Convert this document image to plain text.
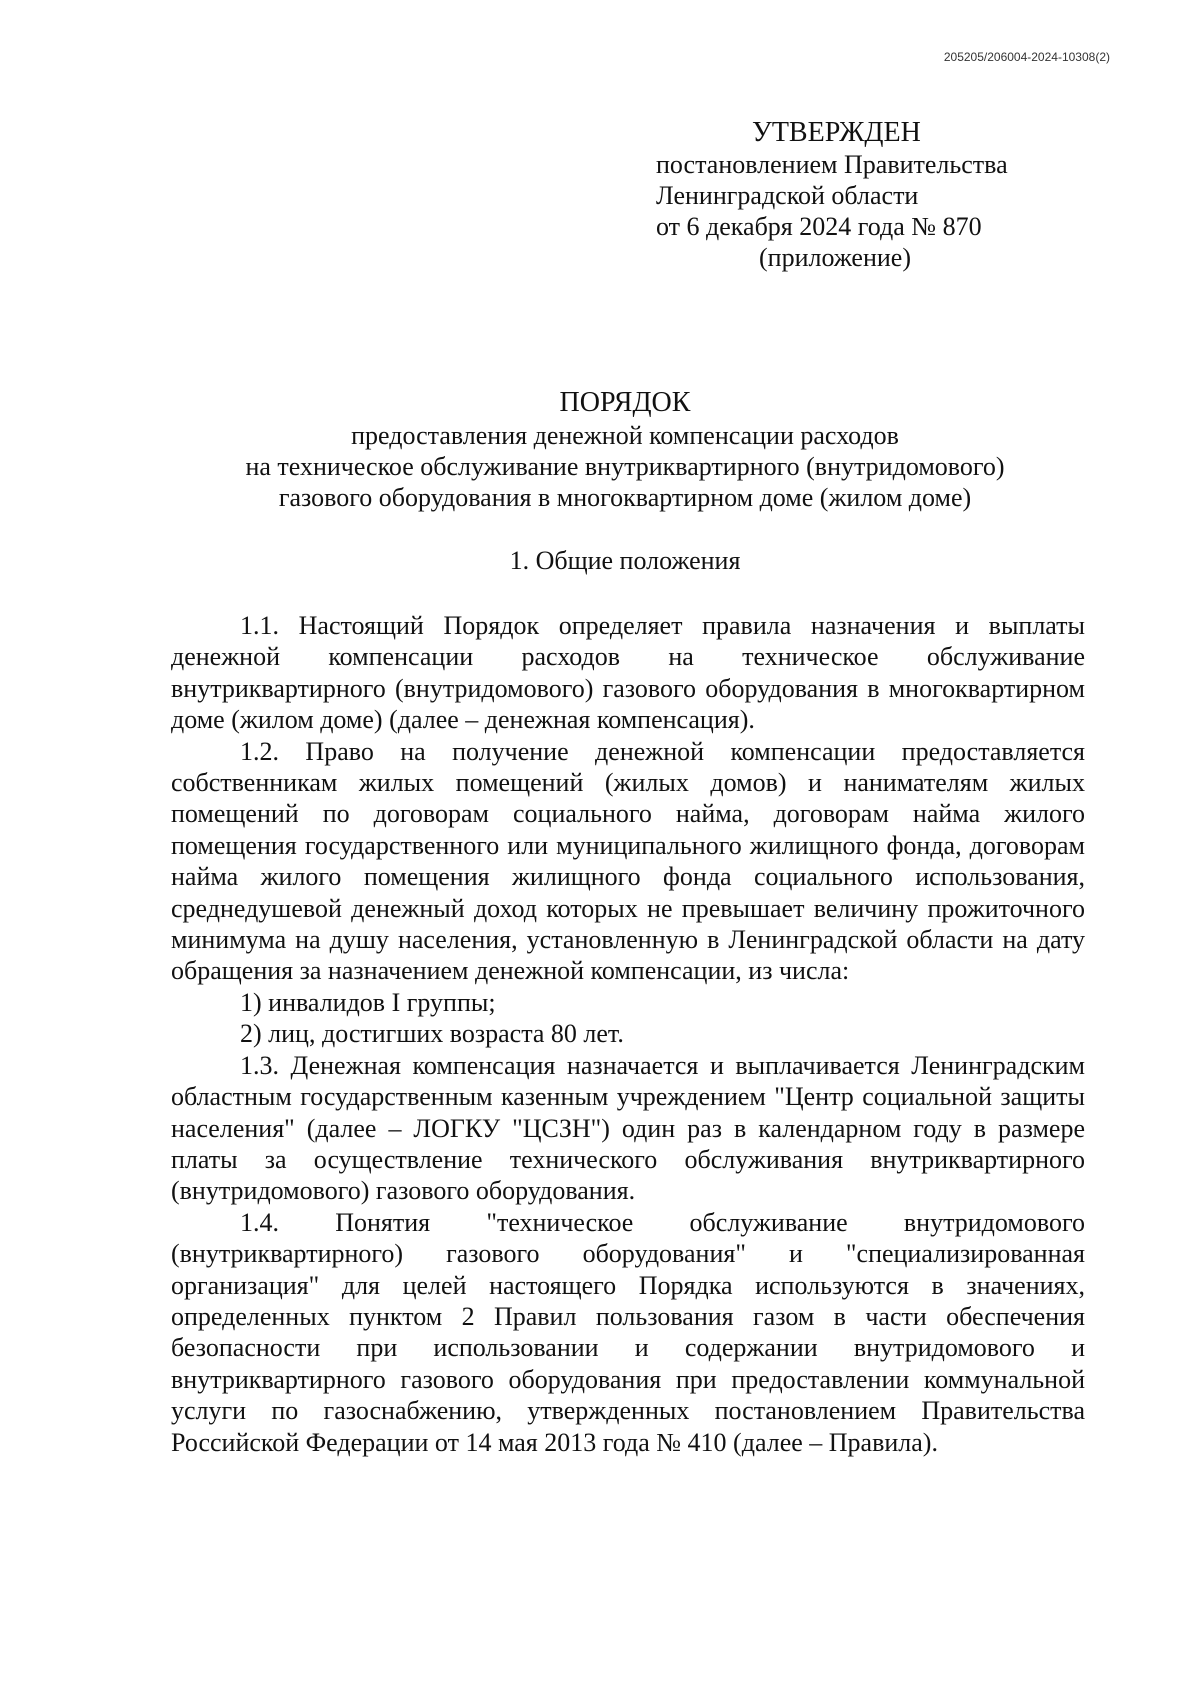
205205/206004-2024-10308(2)
УТВЕРЖДЕН
постановлением Правительства
Ленинградской области
от 6 декабря 2024 года № 870
(приложение)
ПОРЯДОК
предоставления денежной компенсации расходов
на техническое обслуживание внутриквартирного (внутридомового)
газового оборудования в многоквартирном доме (жилом доме)
1. Общие положения

1.1. Настоящий Порядок определяет правила назначения и выплаты денежной компенсации расходов на техническое обслуживание внутриквартирного (внутридомового) газового оборудования в многоквартирном доме (жилом доме) (далее – денежная компенсация).

1.2. Право на получение денежной компенсации предоставляется собственникам жилых помещений (жилых домов) и нанимателям жилых помещений по договорам социального найма, договорам найма жилого помещения государственного или муниципального жилищного фонда, договорам найма жилого помещения жилищного фонда социального использования, среднедушевой денежный доход которых не превышает величину прожиточного минимума на душу населения, установленную в Ленинградской области на дату обращения за назначением денежной компенсации, из числа:

1) инвалидов I группы;

2) лиц, достигших возраста 80 лет.

1.3. Денежная компенсация назначается и выплачивается Ленинградским областным государственным казенным учреждением "Центр социальной защиты населения" (далее – ЛОГКУ "ЦСЗН") один раз в календарном году в размере платы за осуществление технического обслуживания внутриквартирного (внутридомового) газового оборудования.

1.4. Понятия "техническое обслуживание внутридомового (внутриквартирного) газового оборудования" и "специализированная организация" для целей настоящего Порядка используются в значениях, определенных пунктом 2 Правил пользования газом в части обеспечения безопасности при использовании и содержании внутридомового и внутриквартирного газового оборудования при предоставлении коммунальной услуги по газоснабжению, утвержденных постановлением Правительства Российской Федерации от 14 мая 2013 года № 410 (далее – Правила).
